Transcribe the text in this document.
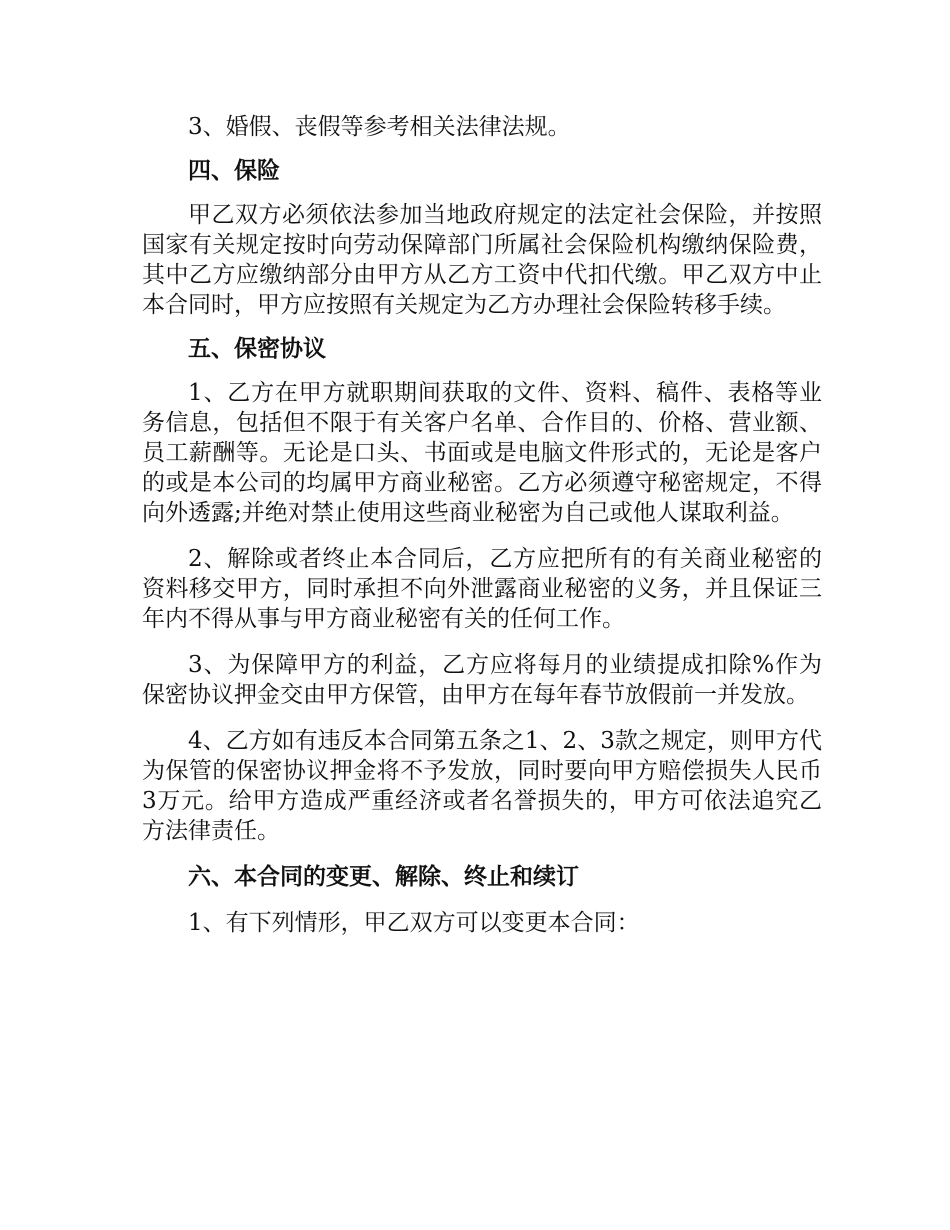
3、婚假、丧假等参考相关法律法规。

四、保险

甲乙双方必须依法参加当地政府规定的法定社会保险，并按照国家有关规定按时向劳动保障部门所属社会保险机构缴纳保险费，其中乙方应缴纳部分由甲方从乙方工资中代扣代缴。甲乙双方中止本合同时，甲方应按照有关规定为乙方办理社会保险转移手续。

五、保密协议

1、乙方在甲方就职期间获取的文件、资料、稿件、表格等业务信息，包括但不限于有关客户名单、合作目的、价格、营业额、员工薪酬等。无论是口头、书面或是电脑文件形式的，无论是客户的或是本公司的均属甲方商业秘密。乙方必须遵守秘密规定，不得向外透露;并绝对禁止使用这些商业秘密为自己或他人谋取利益。

2、解除或者终止本合同后，乙方应把所有的有关商业秘密的资料移交甲方，同时承担不向外泄露商业秘密的义务，并且保证三年内不得从事与甲方商业秘密有关的任何工作。

3、为保障甲方的利益，乙方应将每月的业绩提成扣除%作为保密协议押金交由甲方保管，由甲方在每年春节放假前一并发放。

4、乙方如有违反本合同第五条之1、2、3款之规定，则甲方代为保管的保密协议押金将不予发放，同时要向甲方赔偿损失人民币3万元。给甲方造成严重经济或者名誉损失的，甲方可依法追究乙方法律责任。

六、本合同的变更、解除、终止和续订

1、有下列情形，甲乙双方可以变更本合同：
